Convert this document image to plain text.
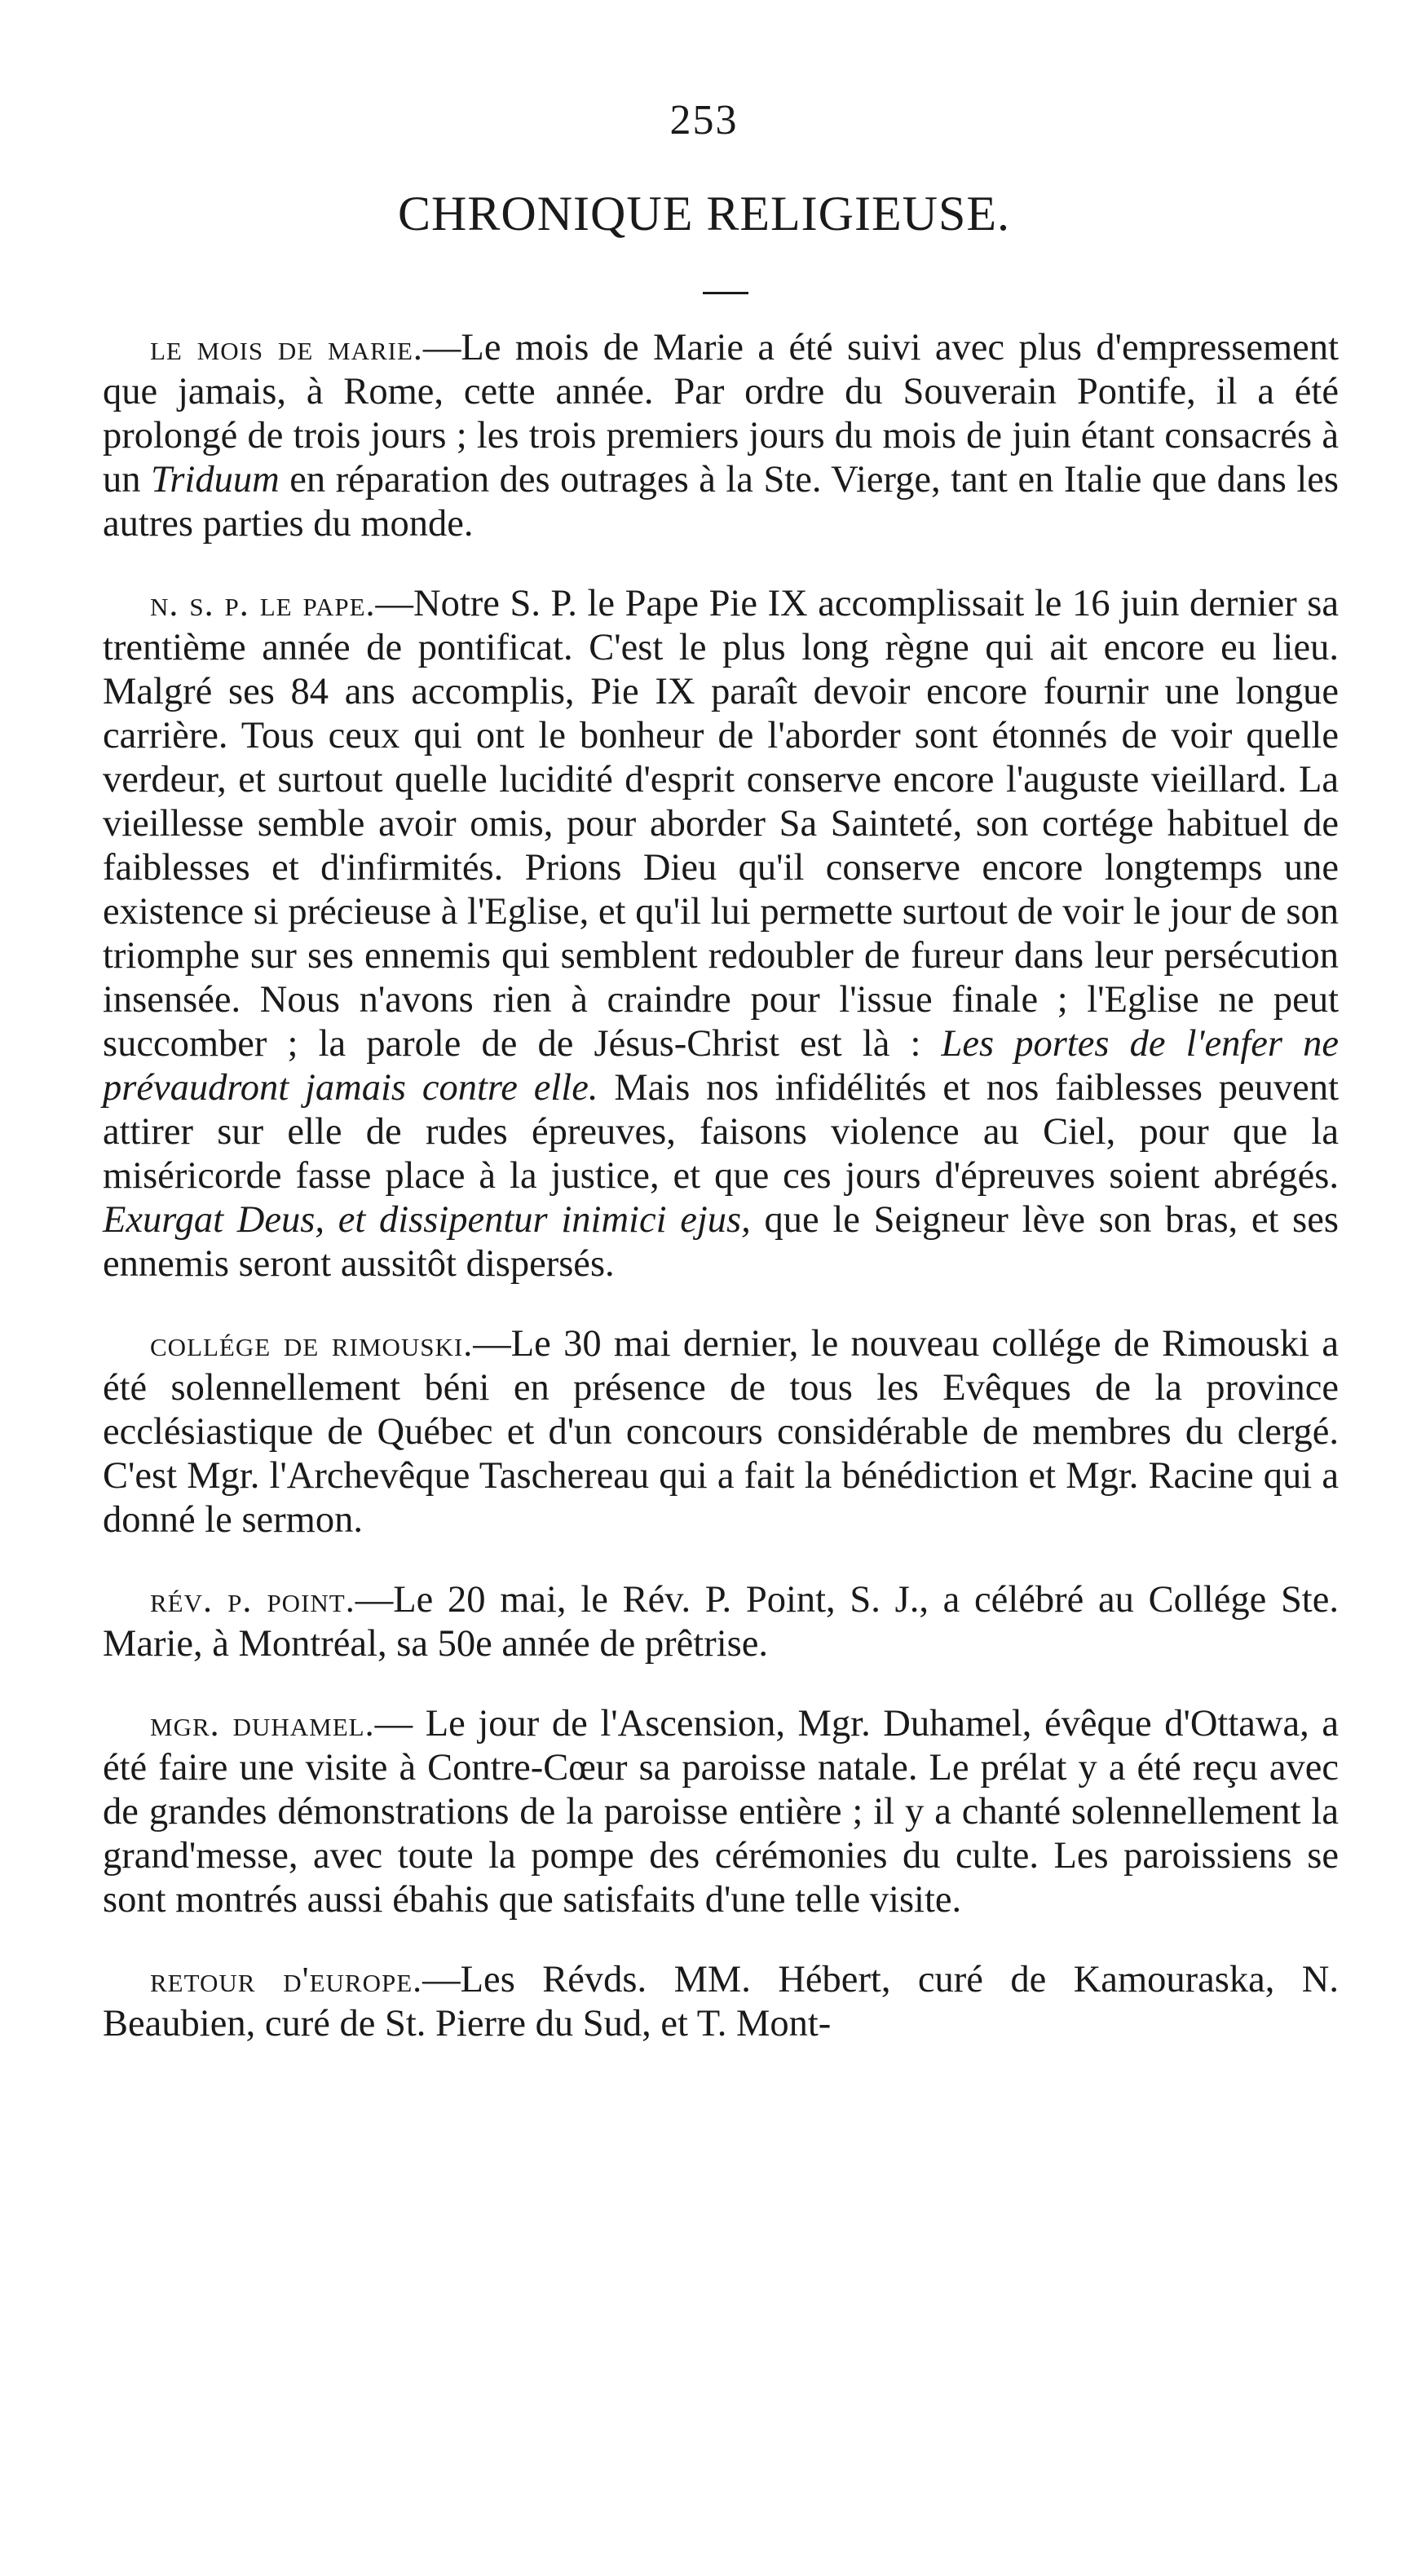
253
CHRONIQUE RELIGIEUSE.

le mois de marie.—Le mois de Marie a été suivi avec plus d'empressement que jamais, à Rome, cette année. Par ordre du Souverain Pontife, il a été prolongé de trois jours ; les trois premiers jours du mois de juin étant consacrés à un Triduum en réparation des outrages à la Ste. Vierge, tant en Italie que dans les autres parties du monde.

n. s. p. le pape.—Notre S. P. le Pape Pie IX accomplissait le 16 juin dernier sa trentième année de pontificat. C'est le plus long règne qui ait encore eu lieu. Malgré ses 84 ans accomplis, Pie IX paraît devoir encore fournir une longue carrière. Tous ceux qui ont le bonheur de l'aborder sont étonnés de voir quelle verdeur, et surtout quelle lucidité d'esprit conserve encore l'auguste vieillard. La vieillesse semble avoir omis, pour aborder Sa Sainteté, son cortége habituel de faiblesses et d'infirmités. Prions Dieu qu'il conserve encore longtemps une existence si précieuse à l'Eglise, et qu'il lui permette surtout de voir le jour de son triomphe sur ses ennemis qui semblent redoubler de fureur dans leur persécution insensée. Nous n'avons rien à craindre pour l'issue finale ; l'Eglise ne peut succomber ; la parole de de Jésus-Christ est là : Les portes de l'enfer ne prévaudront jamais contre elle. Mais nos infidélités et nos faiblesses peuvent attirer sur elle de rudes épreuves, faisons violence au Ciel, pour que la miséricorde fasse place à la justice, et que ces jours d'épreuves soient abrégés. Exurgat Deus, et dissipentur inimici ejus, que le Seigneur lève son bras, et ses ennemis seront aussitôt dispersés.

collége de rimouski.—Le 30 mai dernier, le nouveau collége de Rimouski a été solennellement béni en présence de tous les Evêques de la province ecclésiastique de Québec et d'un concours considérable de membres du clergé. C'est Mgr. l'Archevêque Taschereau qui a fait la bénédiction et Mgr. Racine qui a donné le sermon.

rév. p. point.—Le 20 mai, le Rév. P. Point, S. J., a célébré au Collége Ste. Marie, à Montréal, sa 50e année de prêtrise.

mgr. duhamel.— Le jour de l'Ascension, Mgr. Duhamel, évêque d'Ottawa, a été faire une visite à Contre-Cœur sa paroisse natale. Le prélat y a été reçu avec de grandes démonstrations de la paroisse entière ; il y a chanté solennellement la grand'messe, avec toute la pompe des cérémonies du culte. Les paroissiens se sont montrés aussi ébahis que satisfaits d'une telle visite.

retour d'europe.—Les Révds. MM. Hébert, curé de Kamouraska, N. Beaubien, curé de St. Pierre du Sud, et T. Mont-
